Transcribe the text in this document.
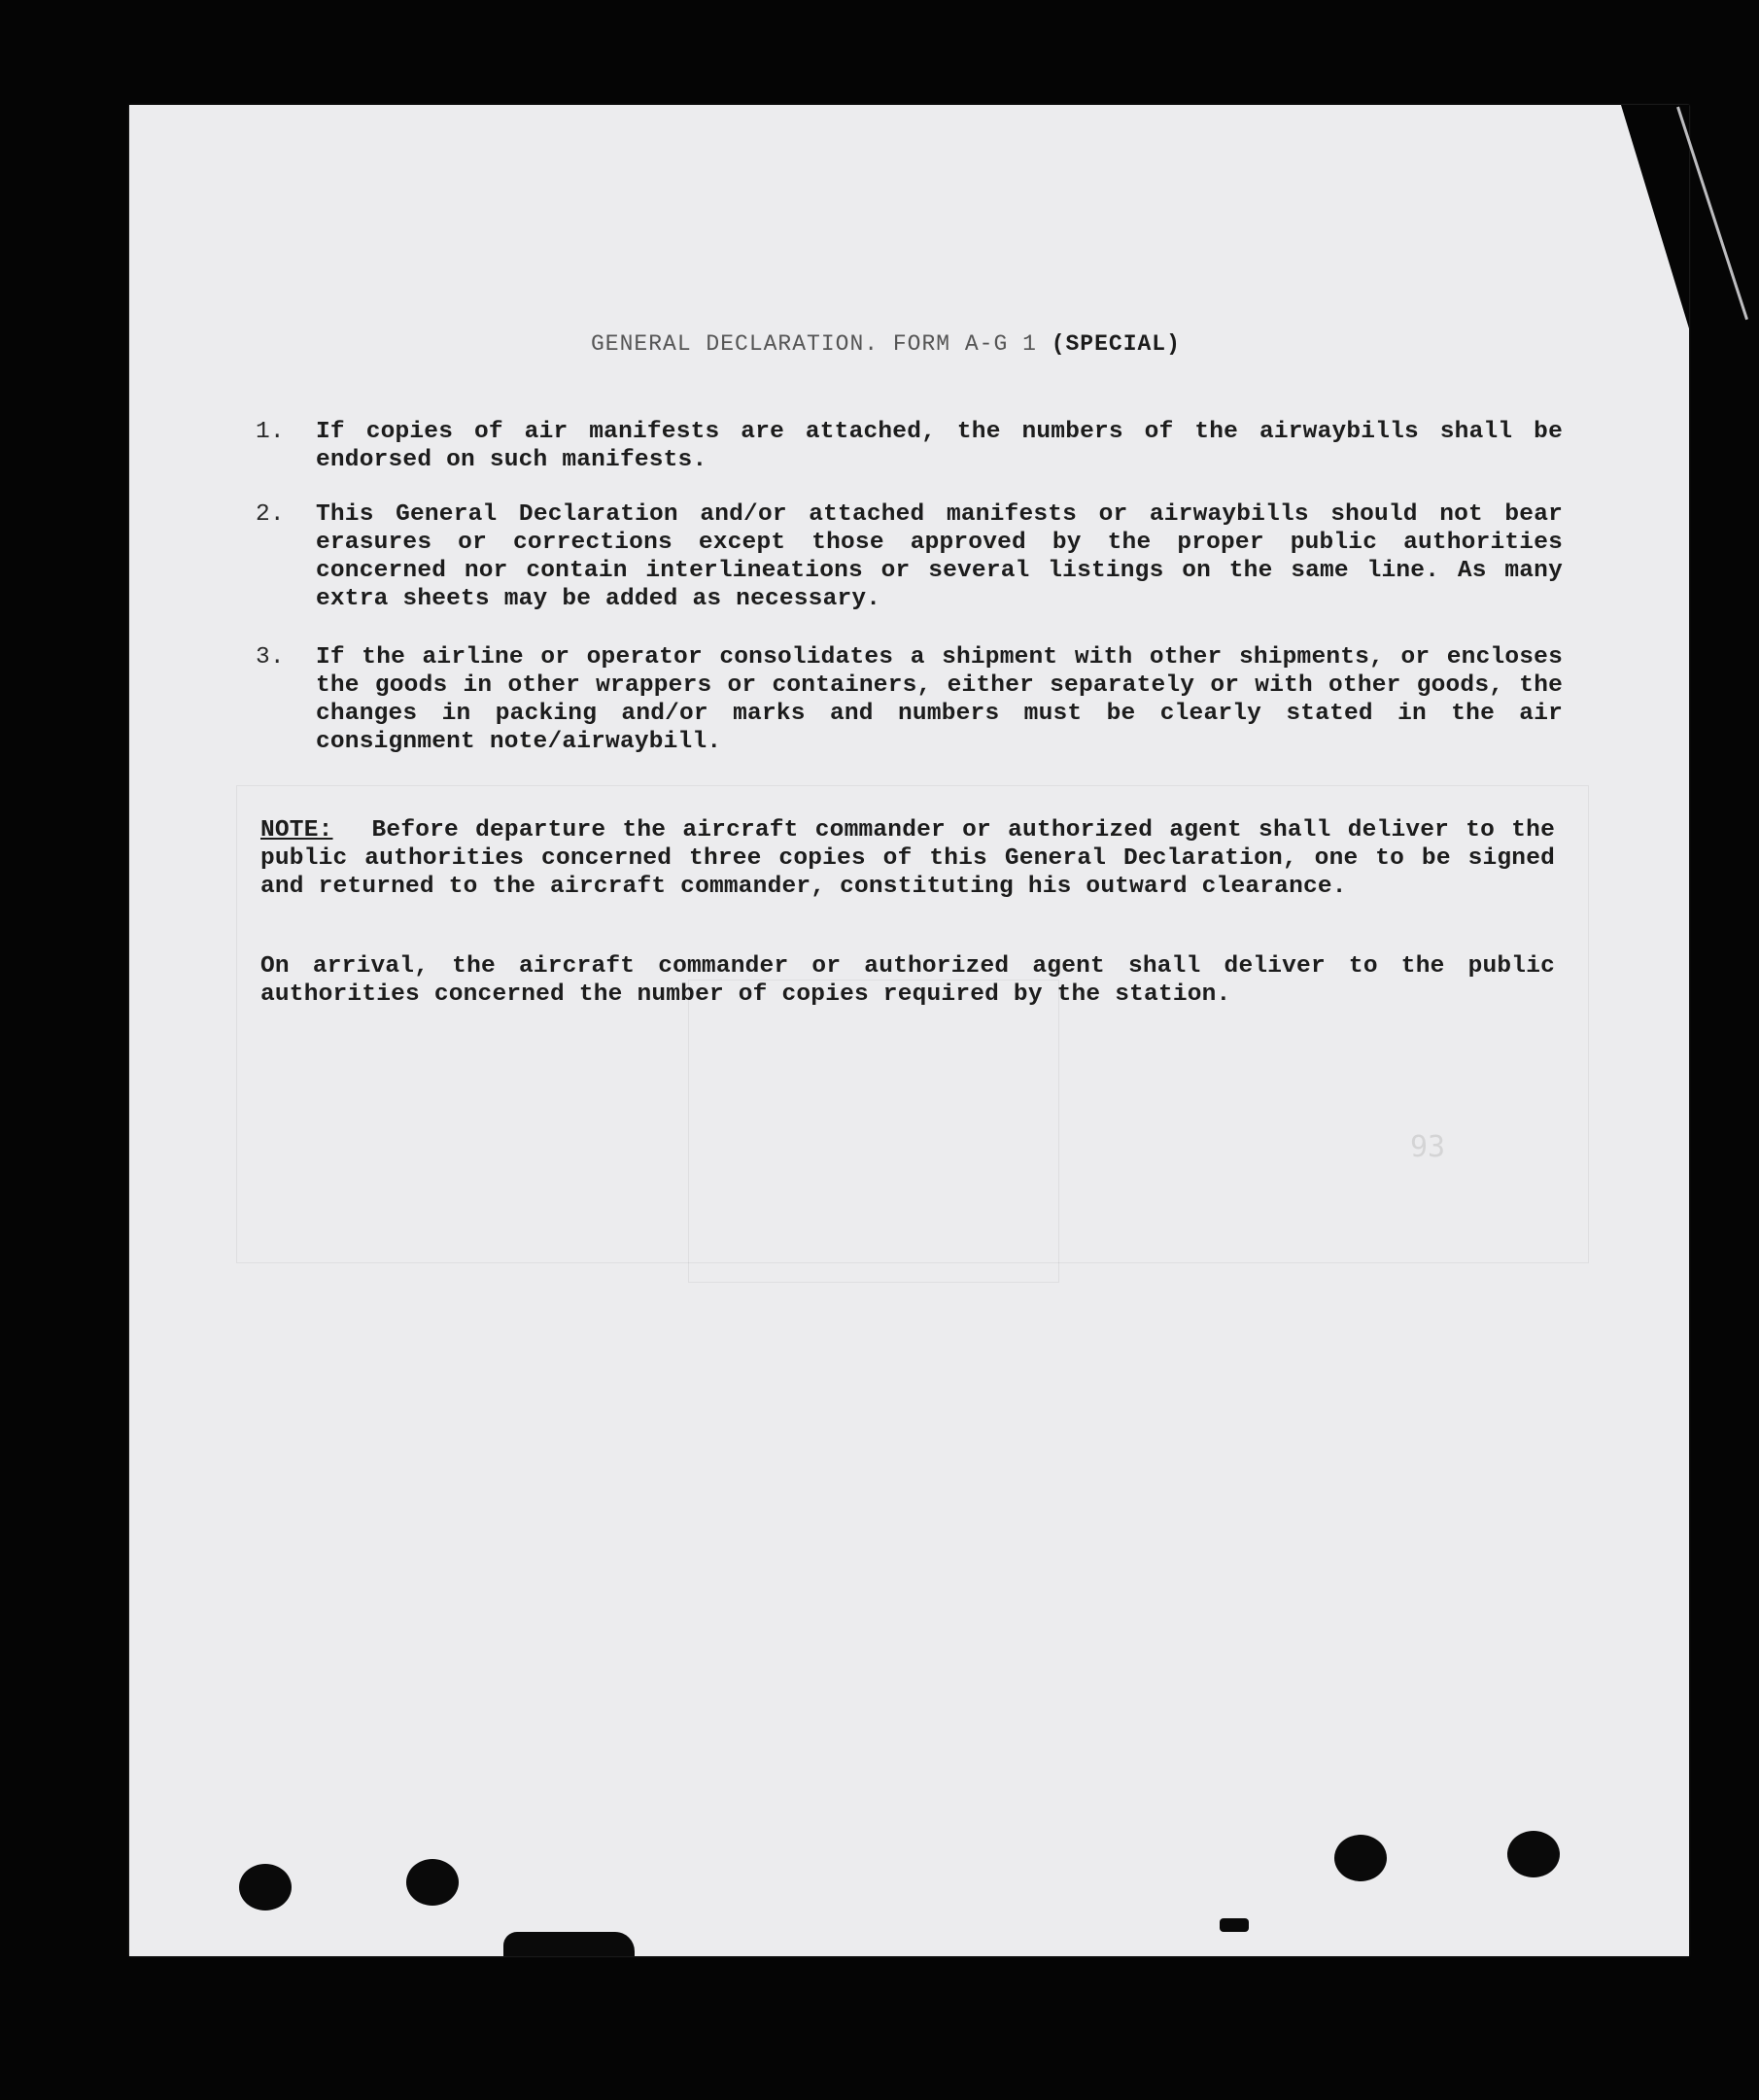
93
GENERAL DECLARATION. FORM A-G 1 (SPECIAL)
1.	If copies of air manifests are attached, the numbers of the airwaybills shall be endorsed on such manifests.
2.	This General Declaration and/or attached manifests or airwaybills should not bear erasures or corrections except those approved by the proper public authorities concerned nor contain interlineations or several listings on the same line. As many extra sheets may be added as necessary.
3.	If the airline or operator consolidates a shipment with other shipments, or encloses the goods in other wrappers or containers, either separately or with other goods, the changes in packing and/or marks and numbers must be clearly stated in the air consignment note/airwaybill.
NOTE: Before departure the aircraft commander or authorized agent shall deliver to the public authorities concerned three copies of this General Declaration, one to be signed and returned to the aircraft commander, constituting his outward clearance.
On arrival, the aircraft commander or authorized agent shall deliver to the public authorities concerned the number of copies required by the station.
